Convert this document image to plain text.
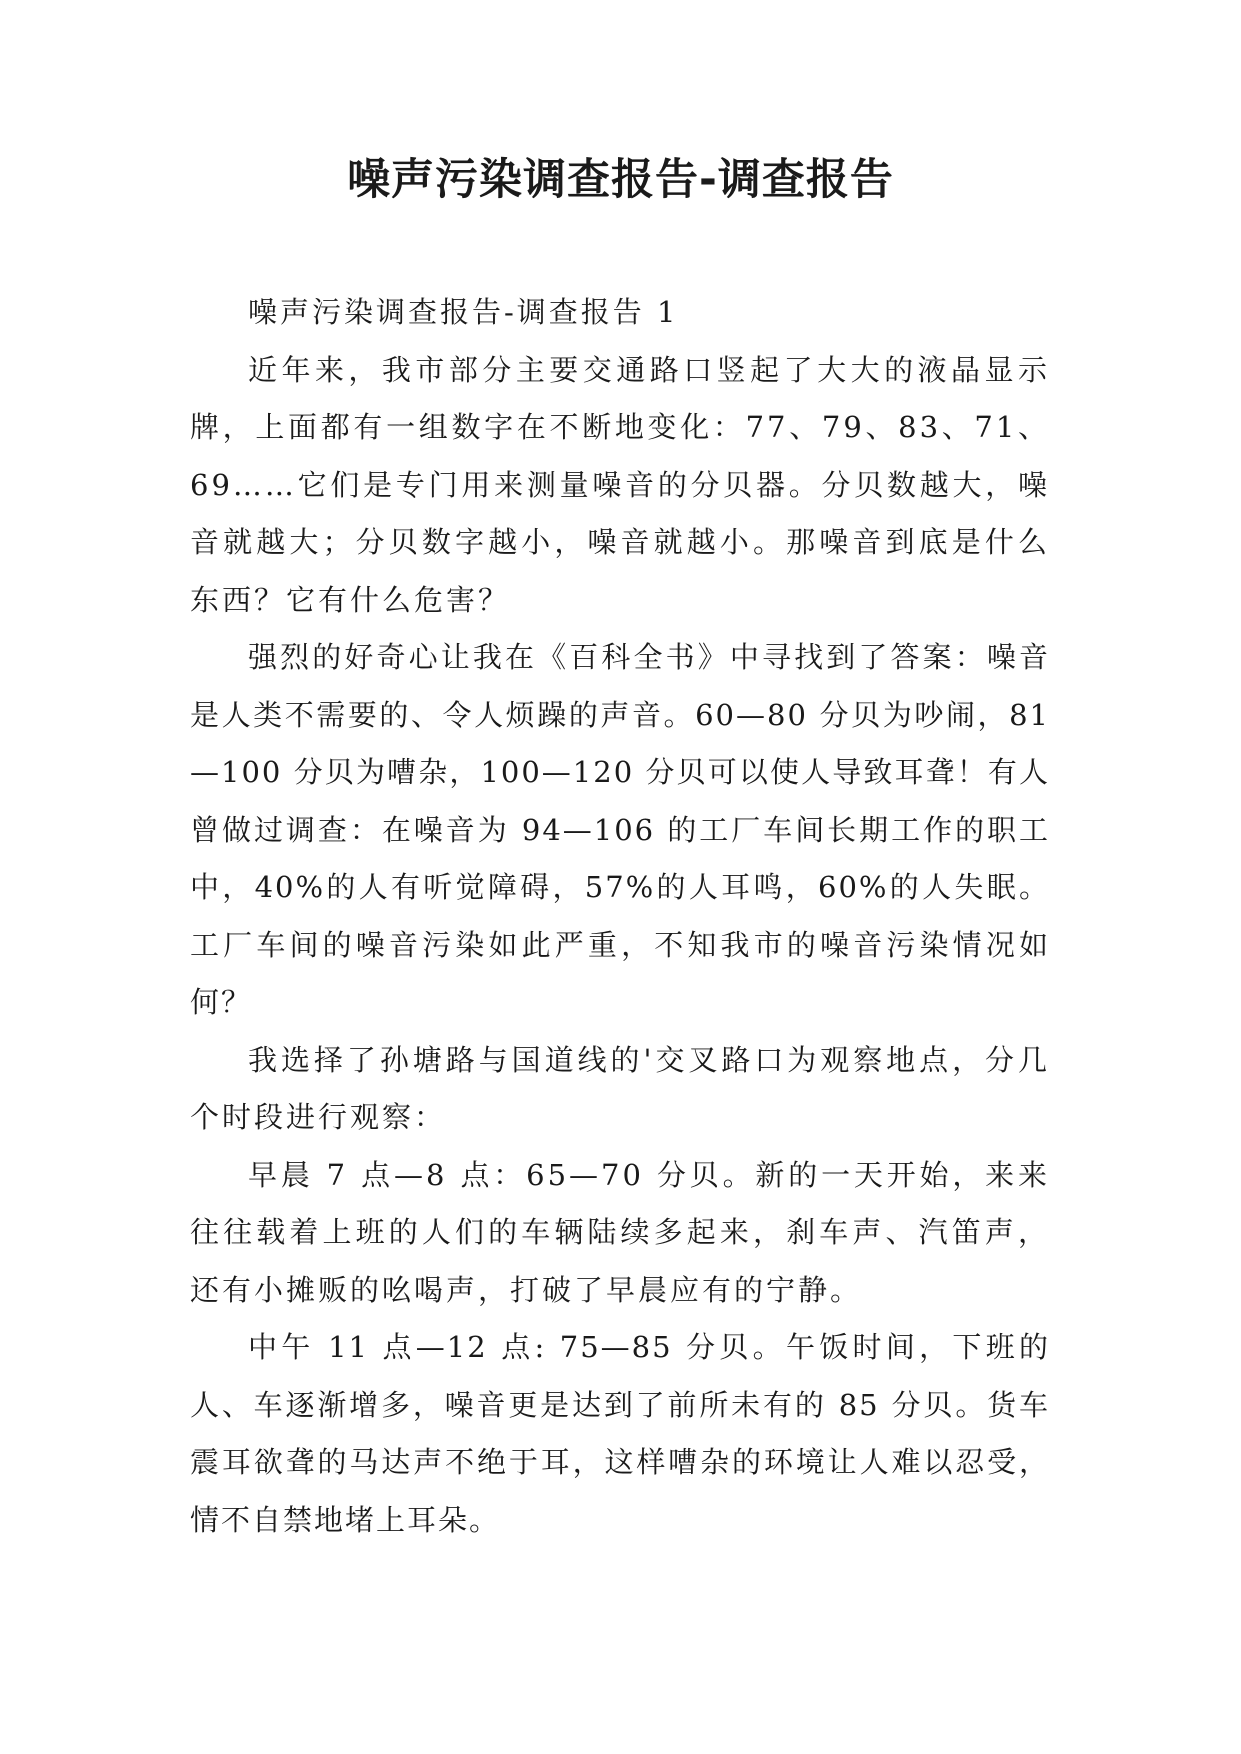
噪声污染调查报告-调查报告

噪声污染调查报告-调查报告 1

近年来，我市部分主要交通路口竖起了大大的液晶显示牌，上面都有一组数字在不断地变化：77、79、83、71、69……它们是专门用来测量噪音的分贝器。分贝数越大，噪音就越大；分贝数字越小，噪音就越小。那噪音到底是什么东西？它有什么危害？

强烈的好奇心让我在《百科全书》中寻找到了答案：噪音是人类不需要的、令人烦躁的声音。60—80 分贝为吵闹，81—100 分贝为嘈杂，100—120 分贝可以使人导致耳聋！有人曾做过调查：在噪音为 94—106 的工厂车间长期工作的职工中，40%的人有听觉障碍，57%的人耳鸣，60%的人失眠。工厂车间的噪音污染如此严重，不知我市的噪音污染情况如何？

我选择了孙塘路与国道线的'交叉路口为观察地点，分几个时段进行观察：

早晨 7 点—8 点：65—70 分贝。新的一天开始，来来往往载着上班的人们的车辆陆续多起来，刹车声、汽笛声，还有小摊贩的吆喝声，打破了早晨应有的宁静。

中午 11 点—12 点: 75—85 分贝。午饭时间，下班的人、车逐渐增多，噪音更是达到了前所未有的 85 分贝。货车震耳欲聋的马达声不绝于耳，这样嘈杂的环境让人难以忍受，情不自禁地堵上耳朵。
